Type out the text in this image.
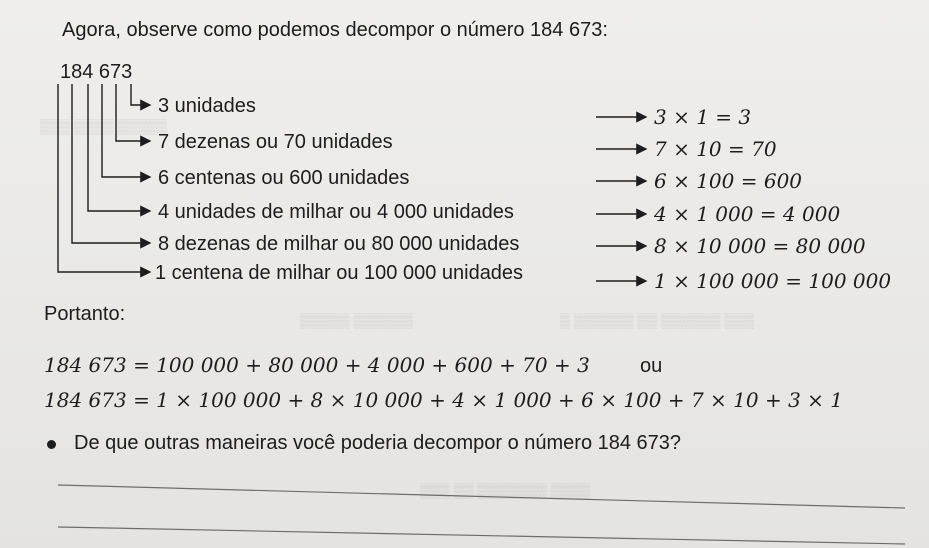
▒▒▒▒▒ ▒▒▒▒ ▒▒▒
▒▒▒ ▒▒▒▒▒▒ ▒▒ ▒▒▒▒▒▒ ▒
▒▒▒▒▒▒ ▒▒▒▒▒
▒▒▒▒ ▒▒▒▒▒▒▒ ▒▒ ▒▒▒
Agora, observe como podemos decompor o número 184 673:
184 673
3 unidades
7 dezenas ou 70 unidades
6 centenas ou 600 unidades
4 unidades de milhar ou 4 000 unidades
8 dezenas de milhar ou 80 000 unidades
1 centena de milhar ou 100 000 unidades
3 × 1 = 3
7 × 10 = 70
6 × 100 = 600
4 × 1 000 = 4 000
8 × 10 000 = 80 000
1 × 100 000 = 100 000
Portanto:
184 673 = 100 000 + 80 000 + 4 000 + 600 + 70 + 3	ou
184 673 = 1 × 100 000 + 8 × 10 000 + 4 × 1 000 + 6 × 100 + 7 × 10 + 3 × 1
De que outras maneiras você poderia decompor o número 184 673?
